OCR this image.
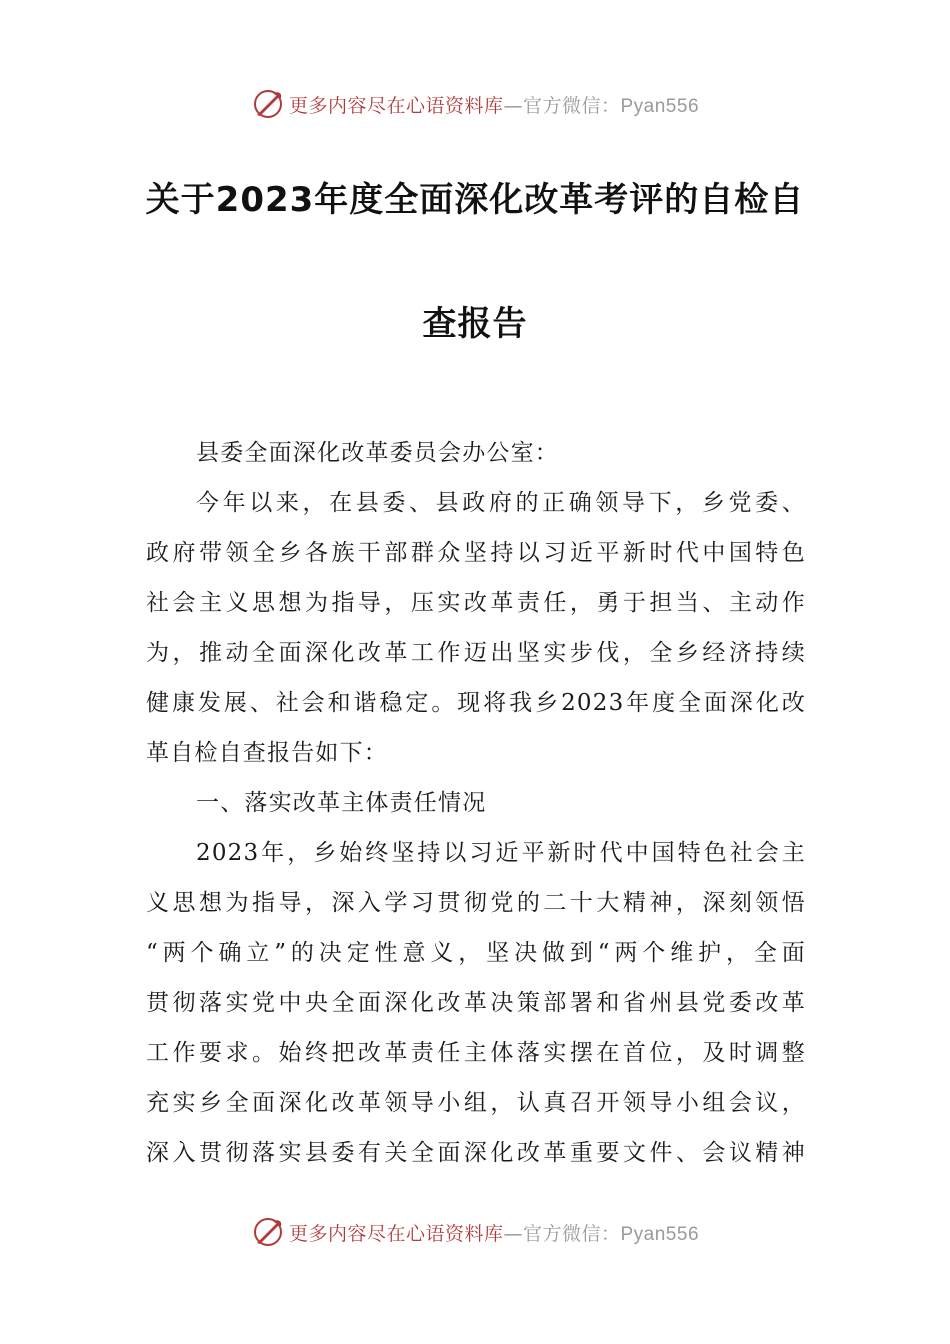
更多内容尽在心语资料库—官方微信：Pyan556
关于2023年度全面深化改革考评的自检自
查报告
县委全面深化改革委员会办公室：
今年以来，在县委、县政府的正确领导下，乡党委、
政府带领全乡各族干部群众坚持以习近平新时代中国特色
社会主义思想为指导，压实改革责任，勇于担当、主动作
为，推动全面深化改革工作迈出坚实步伐，全乡经济持续
健康发展、社会和谐稳定。现将我乡2023年度全面深化改
革自检自查报告如下：
一、落实改革主体责任情况
2023年，乡始终坚持以习近平新时代中国特色社会主
义思想为指导，深入学习贯彻党的二十大精神，深刻领悟
“两个确立”的决定性意义，坚决做到“两个维护，全面
贯彻落实党中央全面深化改革决策部署和省州县党委改革
工作要求。始终把改革责任主体落实摆在首位，及时调整
充实乡全面深化改革领导小组，认真召开领导小组会议，
深入贯彻落实县委有关全面深化改革重要文件、会议精神
更多内容尽在心语资料库—官方微信：Pyan556
